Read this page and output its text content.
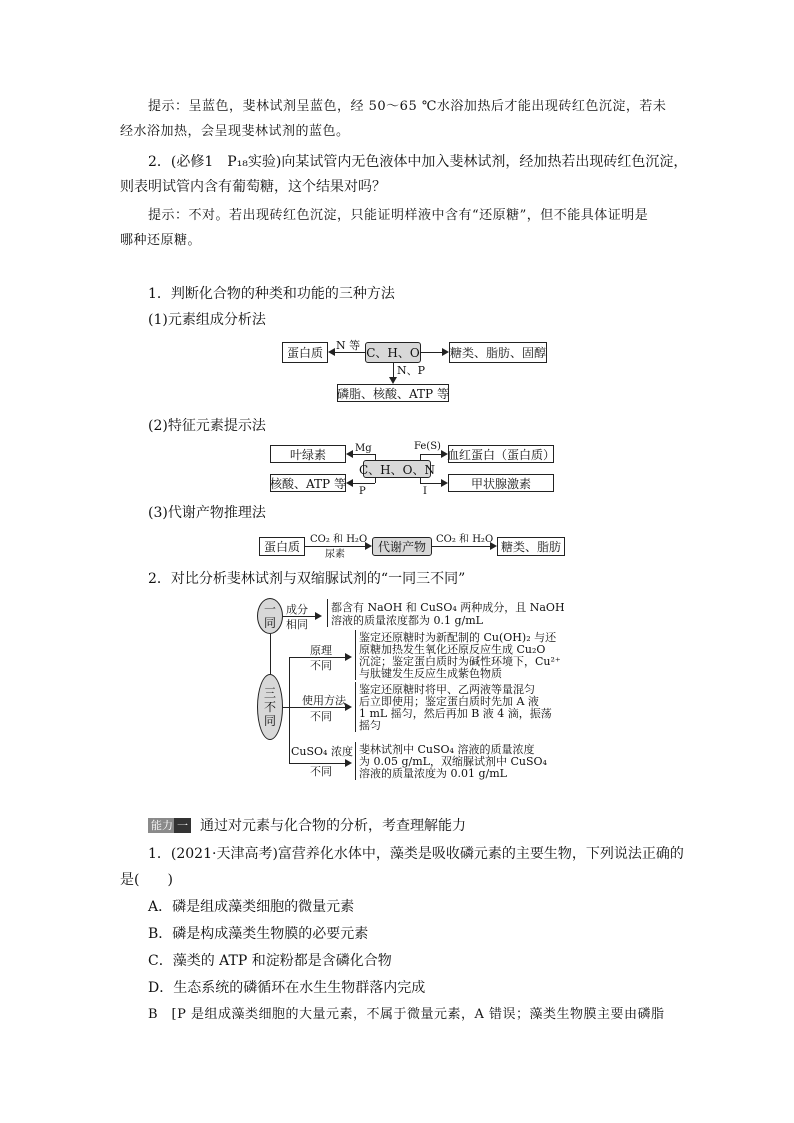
提示：呈蓝色，斐林试剂呈蓝色，经 50～65 ℃水浴加热后才能出现砖红色沉淀，若未
经水浴加热，会呈现斐林试剂的蓝色。
2．(必修1　P₁₈实验)向某试管内无色液体中加入斐林试剂，经加热若出现砖红色沉淀，
则表明试管内含有葡萄糖，这个结果对吗？
提示：不对。若出现砖红色沉淀，只能证明样液中含有“还原糖”，但不能具体证明是
哪种还原糖。
1．判断化合物的种类和功能的三种方法
(1)元素组成分析法
蛋白质
N 等
C、H、O	糖类、脂肪、固醇
N、P
磷脂、核酸、ATP 等
(2)特征元素提示法
叶绿素
核酸、ATP 等
C、H、O、N
血红蛋白（蛋白质）
甲状腺激素
Mg
P
Fe(S)
I
(3)代谢产物推理法
蛋白质
CO₂ 和 H₂O
尿素
代谢产物
CO₂ 和 H₂O
糖类、脂肪
2．对比分析斐林试剂与双缩脲试剂的“一同三不同”
一
同
三
不
同
成分
相同
都含有 NaOH 和 CuSO₄ 两种成分，且 NaOH
溶液的质量浓度都为 0.1 g/mL
原理
不同
鉴定还原糖时为新配制的 Cu(OH)₂ 与还
原糖加热发生氧化还原反应生成 Cu₂O
沉淀；鉴定蛋白质时为碱性环境下，Cu²⁺
与肽键发生反应生成紫色物质
使用方法
不同
鉴定还原糖时将甲、乙两液等量混匀
后立即使用；鉴定蛋白质时先加 A 液
1 mL 摇匀，然后再加 B 液 4 滴，振荡
摇匀
CuSO₄ 浓度
不同
斐林试剂中 CuSO₄ 溶液的质量浓度
为 0.05 g/mL，双缩脲试剂中 CuSO₄
溶液的质量浓度为 0.01 g/mL
能力 一 通过对元素与化合物的分析，考查理解能力
1．(2021·天津高考)富营养化水体中，藻类是吸收磷元素的主要生物，下列说法正确的
是(　　)
A．磷是组成藻类细胞的微量元素
B．磷是构成藻类生物膜的必要元素
C．藻类的 ATP 和淀粉都是含磷化合物
D．生态系统的磷循环在水生生物群落内完成
B　[P 是组成藻类细胞的大量元素，不属于微量元素，A 错误；藻类生物膜主要由磷脂
